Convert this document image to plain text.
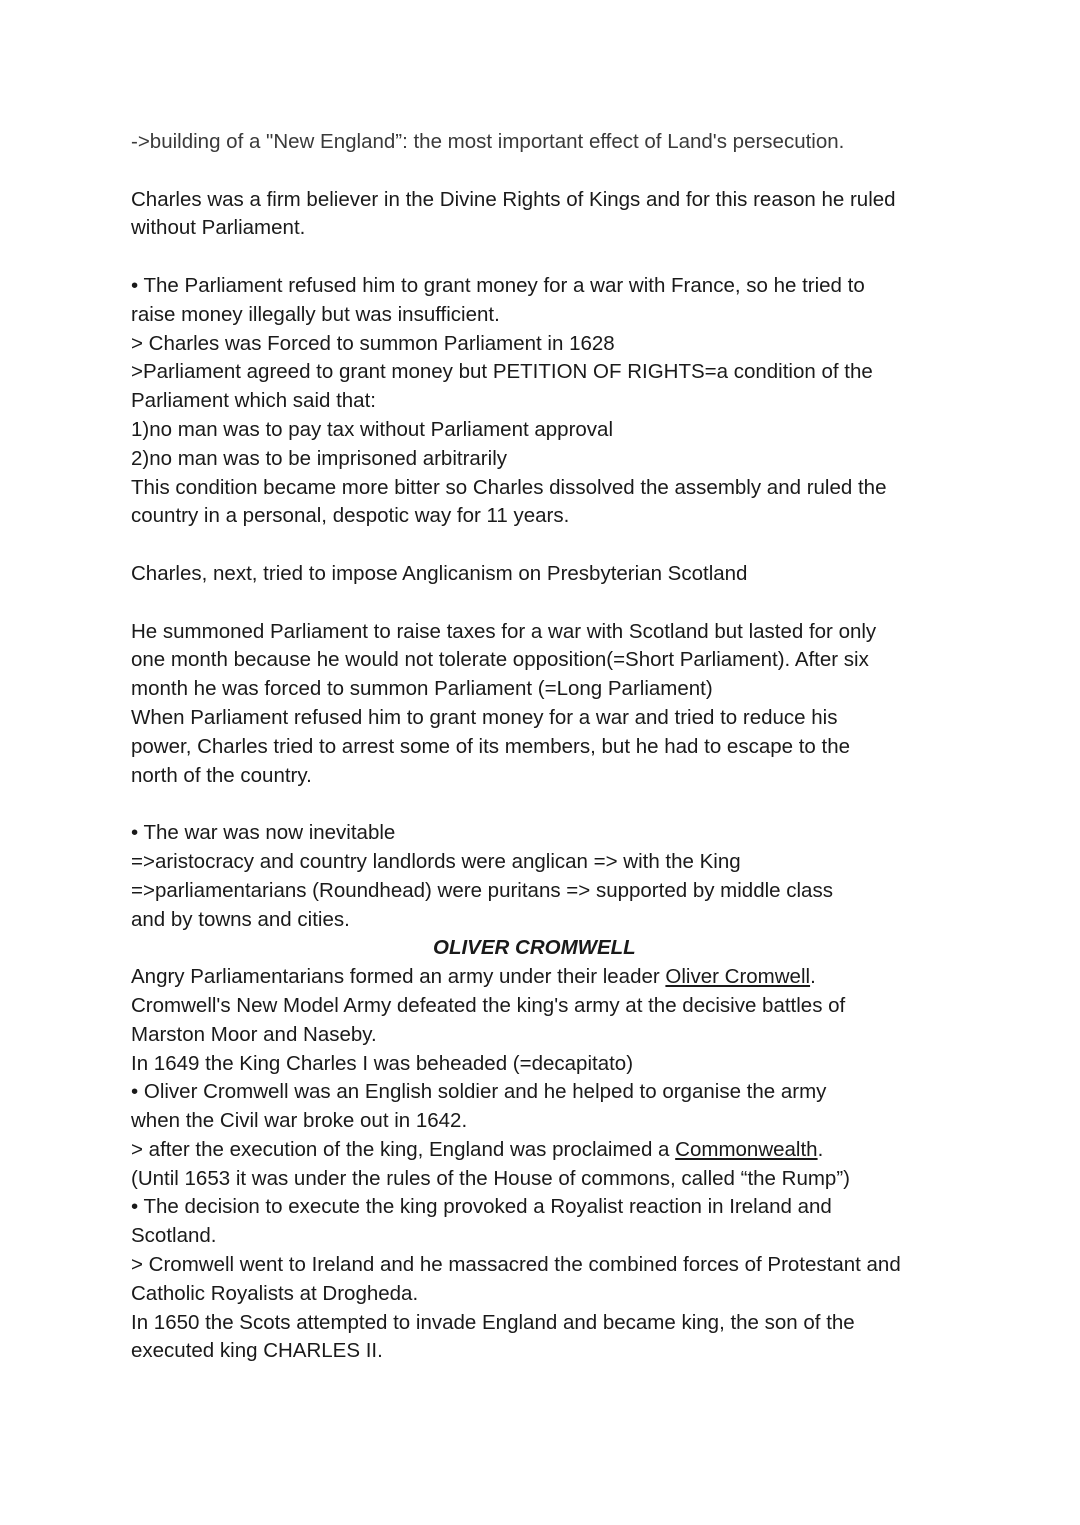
->building of a "New England”: the most important effect of Land's persecution.
Charles was a firm believer in the Divine Rights of Kings and for this reason he ruled
without Parliament.
• The Parliament refused him to grant money for a war with France, so he tried to
raise money illegally but was insufficient.
> Charles was Forced to summon Parliament in 1628
>Parliament agreed to grant money but PETITION OF RIGHTS=a condition of the
Parliament which said that:
1)no man was to pay tax without Parliament approval
2)no man was to be imprisoned arbitrarily
This condition became more bitter so Charles dissolved the assembly and ruled the
country in a personal, despotic way for 11 years.
Charles, next, tried to impose Anglicanism on Presbyterian Scotland
He summoned Parliament to raise taxes for a war with Scotland but lasted for only
one month because he would not tolerate opposition(=Short Parliament). After six
month he was forced to summon Parliament (=Long Parliament)
When Parliament refused him to grant money for a war and tried to reduce his
power, Charles tried to arrest some of its members, but he had to escape to the
north of the country.
• The war was now inevitable
=>aristocracy and country landlords were anglican => with the King
=>parliamentarians (Roundhead) were puritans => supported by middle class
and by towns and cities.
OLIVER CROMWELL
Angry Parliamentarians formed an army under their leader Oliver Cromwell.
Cromwell's New Model Army defeated the king's army at the decisive battles of
Marston Moor and Naseby.
In 1649 the King Charles I was beheaded (=decapitato)
• Oliver Cromwell was an English soldier and he helped to organise the army
when the Civil war broke out in 1642.
> after the execution of the king, England was proclaimed a Commonwealth.
(Until 1653 it was under the rules of the House of commons, called “the Rump”)
• The decision to execute the king provoked a Royalist reaction in Ireland and
Scotland.
> Cromwell went to Ireland and he massacred the combined forces of Protestant and
Catholic Royalists at Drogheda.
In 1650 the Scots attempted to invade England and became king, the son of the
executed king CHARLES II.
